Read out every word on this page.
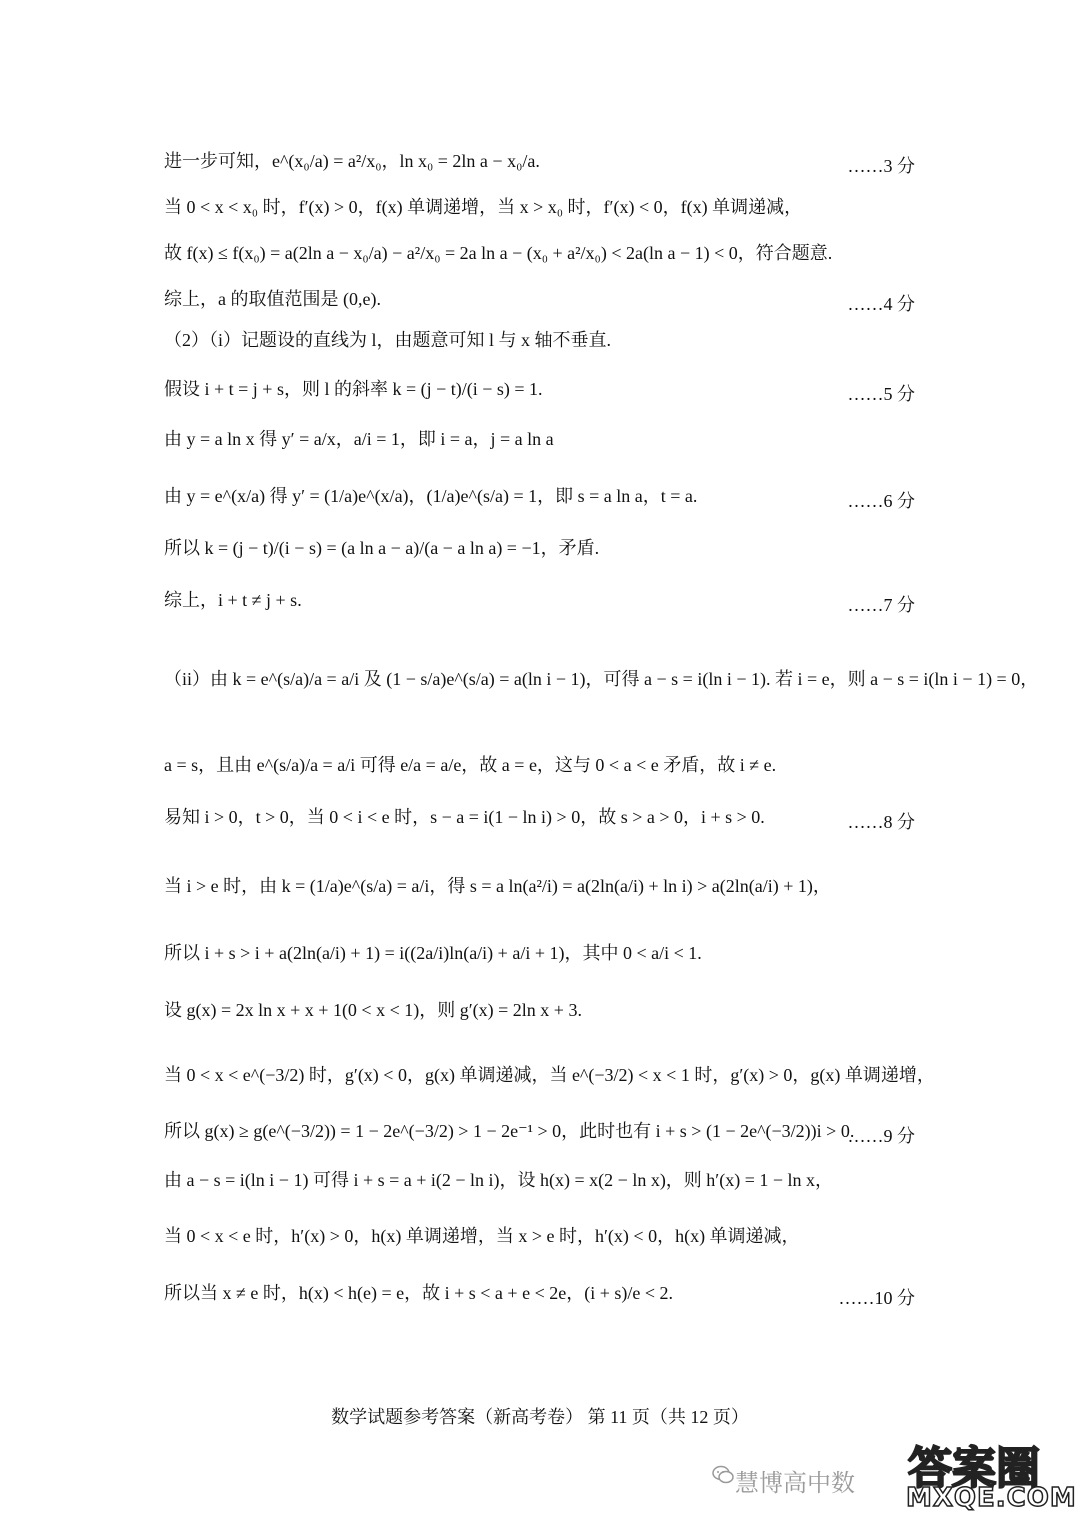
进一步可知，e^(x₀/a) = a²/x₀，ln x₀ = 2ln a − x₀/a.	……3 分
当 0 < x < x₀ 时，f′(x) > 0，f(x) 单调递增，当 x > x₀ 时，f′(x) < 0，f(x) 单调递减，
故 f(x) ≤ f(x₀) = a(2ln a − x₀/a) − a²/x₀ = 2a ln a − (x₀ + a²/x₀) < 2a(ln a − 1) < 0，符合题意.
综上，a 的取值范围是 (0,e).	……4 分
（2）（i）记题设的直线为 l，由题意可知 l 与 x 轴不垂直.
假设 i + t = j + s，则 l 的斜率 k = (j − t)/(i − s) = 1.	……5 分
由 y = a ln x 得 y′ = a/x，a/i = 1，即 i = a，j = a ln a
由 y = e^(x/a) 得 y′ = (1/a)e^(x/a)，(1/a)e^(s/a) = 1，即 s = a ln a，t = a.	……6 分
所以 k = (j − t)/(i − s) = (a ln a − a)/(a − a ln a) = −1，矛盾.
综上，i + t ≠ j + s.	……7 分
（ii）由 k = e^(s/a)/a = a/i 及 (1 − s/a)e^(s/a) = a(ln i − 1)，可得 a − s = i(ln i − 1). 若 i = e，则 a − s = i(ln i − 1) = 0，
a = s，且由 e^(s/a)/a = a/i 可得 e/a = a/e，故 a = e，这与 0 < a < e 矛盾，故 i ≠ e.
易知 i > 0，t > 0，当 0 < i < e 时，s − a = i(1 − ln i) > 0，故 s > a > 0，i + s > 0.	……8 分
当 i > e 时，由 k = (1/a)e^(s/a) = a/i，得 s = a ln(a²/i) = a(2ln(a/i) + ln i) > a(2ln(a/i) + 1)，
所以 i + s > i + a(2ln(a/i) + 1) = i((2a/i)ln(a/i) + a/i + 1)，其中 0 < a/i < 1.
设 g(x) = 2x ln x + x + 1(0 < x < 1)，则 g′(x) = 2ln x + 3.
当 0 < x < e^(−3/2) 时，g′(x) < 0，g(x) 单调递减，当 e^(−3/2) < x < 1 时，g′(x) > 0，g(x) 单调递增，
所以 g(x) ≥ g(e^(−3/2)) = 1 − 2e^(−3/2) > 1 − 2e⁻¹ > 0，此时也有 i + s > (1 − 2e^(−3/2))i > 0.
……9 分
由 a − s = i(ln i − 1) 可得 i + s = a + i(2 − ln i)，设 h(x) = x(2 − ln x)，则 h′(x) = 1 − ln x，
当 0 < x < e 时，h′(x) > 0，h(x) 单调递增，当 x > e 时，h′(x) < 0，h(x) 单调递减，
所以当 x ≠ e 时，h(x) < h(e) = e，故 i + s < a + e < 2e，(i + s)/e < 2.	……10 分
数学试题参考答案（新高考卷） 第 11 页（共 12 页）
慧博高中数 答案圈
MXQE.COM
